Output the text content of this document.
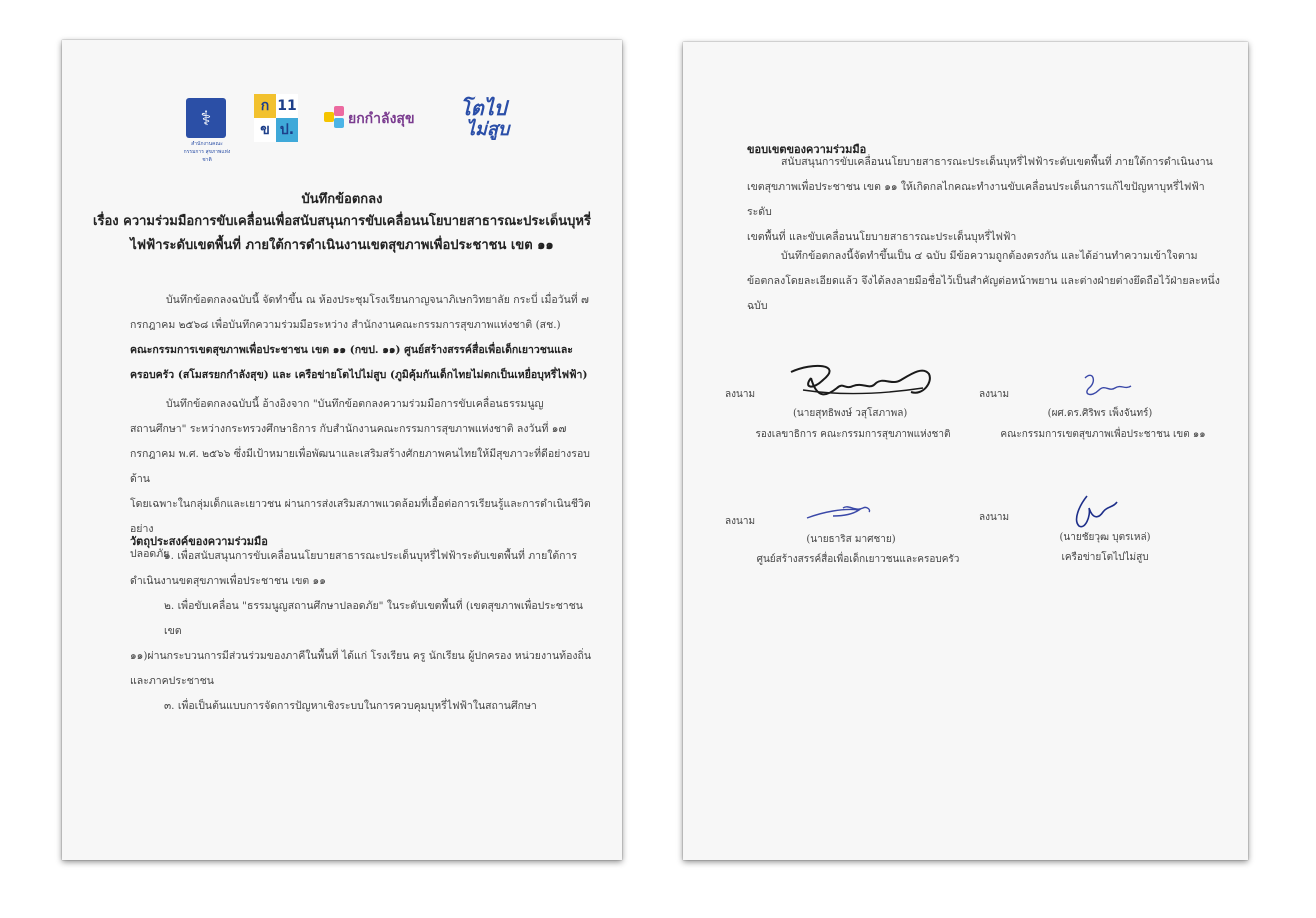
⚕
สำนักงานคณะกรรมการ สุขภาพแห่งชาติ
ก 11
ข ป.
ยกกำลังสุข
โตไป
ไม่สูบ
บันทึกข้อตกลง
เรื่อง ความร่วมมือการขับเคลื่อนเพื่อสนับสนุนการขับเคลื่อนนโยบายสาธารณะประเด็นบุหรี่
ไฟฟ้าระดับเขตพื้นที่ ภายใต้การดำเนินงานเขตสุขภาพเพื่อประชาชน เขต ๑๑
บันทึกข้อตกลงฉบับนี้ จัดทำขึ้น ณ ห้องประชุมโรงเรียนกาญจนาภิเษกวิทยาลัย กระบี่ เมื่อวันที่ ๗
กรกฎาคม ๒๕๖๘ เพื่อบันทึกความร่วมมือระหว่าง สำนักงานคณะกรรมการสุขภาพแห่งชาติ (สช.)
คณะกรรมการเขตสุขภาพเพื่อประชาชน เขต ๑๑ (กขป. ๑๑) ศูนย์สร้างสรรค์สื่อเพื่อเด็กเยาวชนและ
ครอบครัว (สโมสรยกกำลังสุข) และ เครือข่ายโตไปไม่สูบ (ภูมิคุ้มกันเด็กไทยไม่ตกเป็นเหยื่อบุหรี่ไฟฟ้า)
บันทึกข้อตกลงฉบับนี้ อ้างอิงจาก "บันทึกข้อตกลงความร่วมมือการขับเคลื่อนธรรมนูญ
สถานศึกษา" ระหว่างกระทรวงศึกษาธิการ กับสำนักงานคณะกรรมการสุขภาพแห่งชาติ ลงวันที่ ๑๗
กรกฎาคม พ.ศ. ๒๕๖๖ ซึ่งมีเป้าหมายเพื่อพัฒนาและเสริมสร้างศักยภาพคนไทยให้มีสุขภาวะที่ดีอย่างรอบด้าน
โดยเฉพาะในกลุ่มเด็กและเยาวชน ผ่านการส่งเสริมสภาพแวดล้อมที่เอื้อต่อการเรียนรู้และการดำเนินชีวิตอย่าง
ปลอดภัย
วัตถุประสงค์ของความร่วมมือ
๑. เพื่อสนับสนุนการขับเคลื่อนนโยบายสาธารณะประเด็นบุหรี่ไฟฟ้าระดับเขตพื้นที่ ภายใต้การ
ดำเนินงานขตสุขภาพเพื่อประชาชน เขต ๑๑
๒. เพื่อขับเคลื่อน "ธรรมนูญสถานศึกษาปลอดภัย" ในระดับเขตพื้นที่ (เขตสุขภาพเพื่อประชาชน เขต
๑๑)ผ่านกระบวนการมีส่วนร่วมของภาคีในพื้นที่ ได้แก่ โรงเรียน ครู นักเรียน ผู้ปกครอง หน่วยงานท้องถิ่น
และภาคประชาชน
๓. เพื่อเป็นต้นแบบการจัดการปัญหาเชิงระบบในการควบคุมบุหรี่ไฟฟ้าในสถานศึกษา
ขอบเขตของความร่วมมือ
สนับสนุนการขับเคลื่อนนโยบายสาธารณะประเด็นบุหรี่ไฟฟ้าระดับเขตพื้นที่ ภายใต้การดำเนินงาน
เขตสุขภาพเพื่อประชาชน เขต ๑๑ ให้เกิดกลไกคณะทำงานขับเคลื่อนประเด็นการแก้ไขปัญหาบุหรี่ไฟฟ้าระดับ
เขตพื้นที่ และขับเคลื่อนนโยบายสาธารณะประเด็นบุหรี่ไฟฟ้า
บันทึกข้อตกลงนี้จัดทำขึ้นเป็น ๔ ฉบับ มีข้อความถูกต้องตรงกัน และได้อ่านทำความเข้าใจตาม
ข้อตกลงโดยละเอียดแล้ว จึงได้ลงลายมือชื่อไว้เป็นสำคัญต่อหน้าพยาน และต่างฝ่ายต่างยึดถือไว้ฝ่ายละหนึ่ง
ฉบับ
ลงนาม
(นายสุทธิพงษ์ วสุโสภาพล)
รองเลขาธิการ คณะกรรมการสุขภาพแห่งชาติ
ลงนาม
(ผศ.ดร.ศิริพร เพ็งจันทร์)
คณะกรรมการเขตสุขภาพเพื่อประชาชน เขต ๑๑
ลงนาม
(นายธาริส มาศชาย)
ศูนย์สร้างสรรค์สื่อเพื่อเด็กเยาวชนและครอบครัว
ลงนาม
(นายชัยวุฒ บุตรเหล่)
เครือข่ายโตไปไม่สูบ
